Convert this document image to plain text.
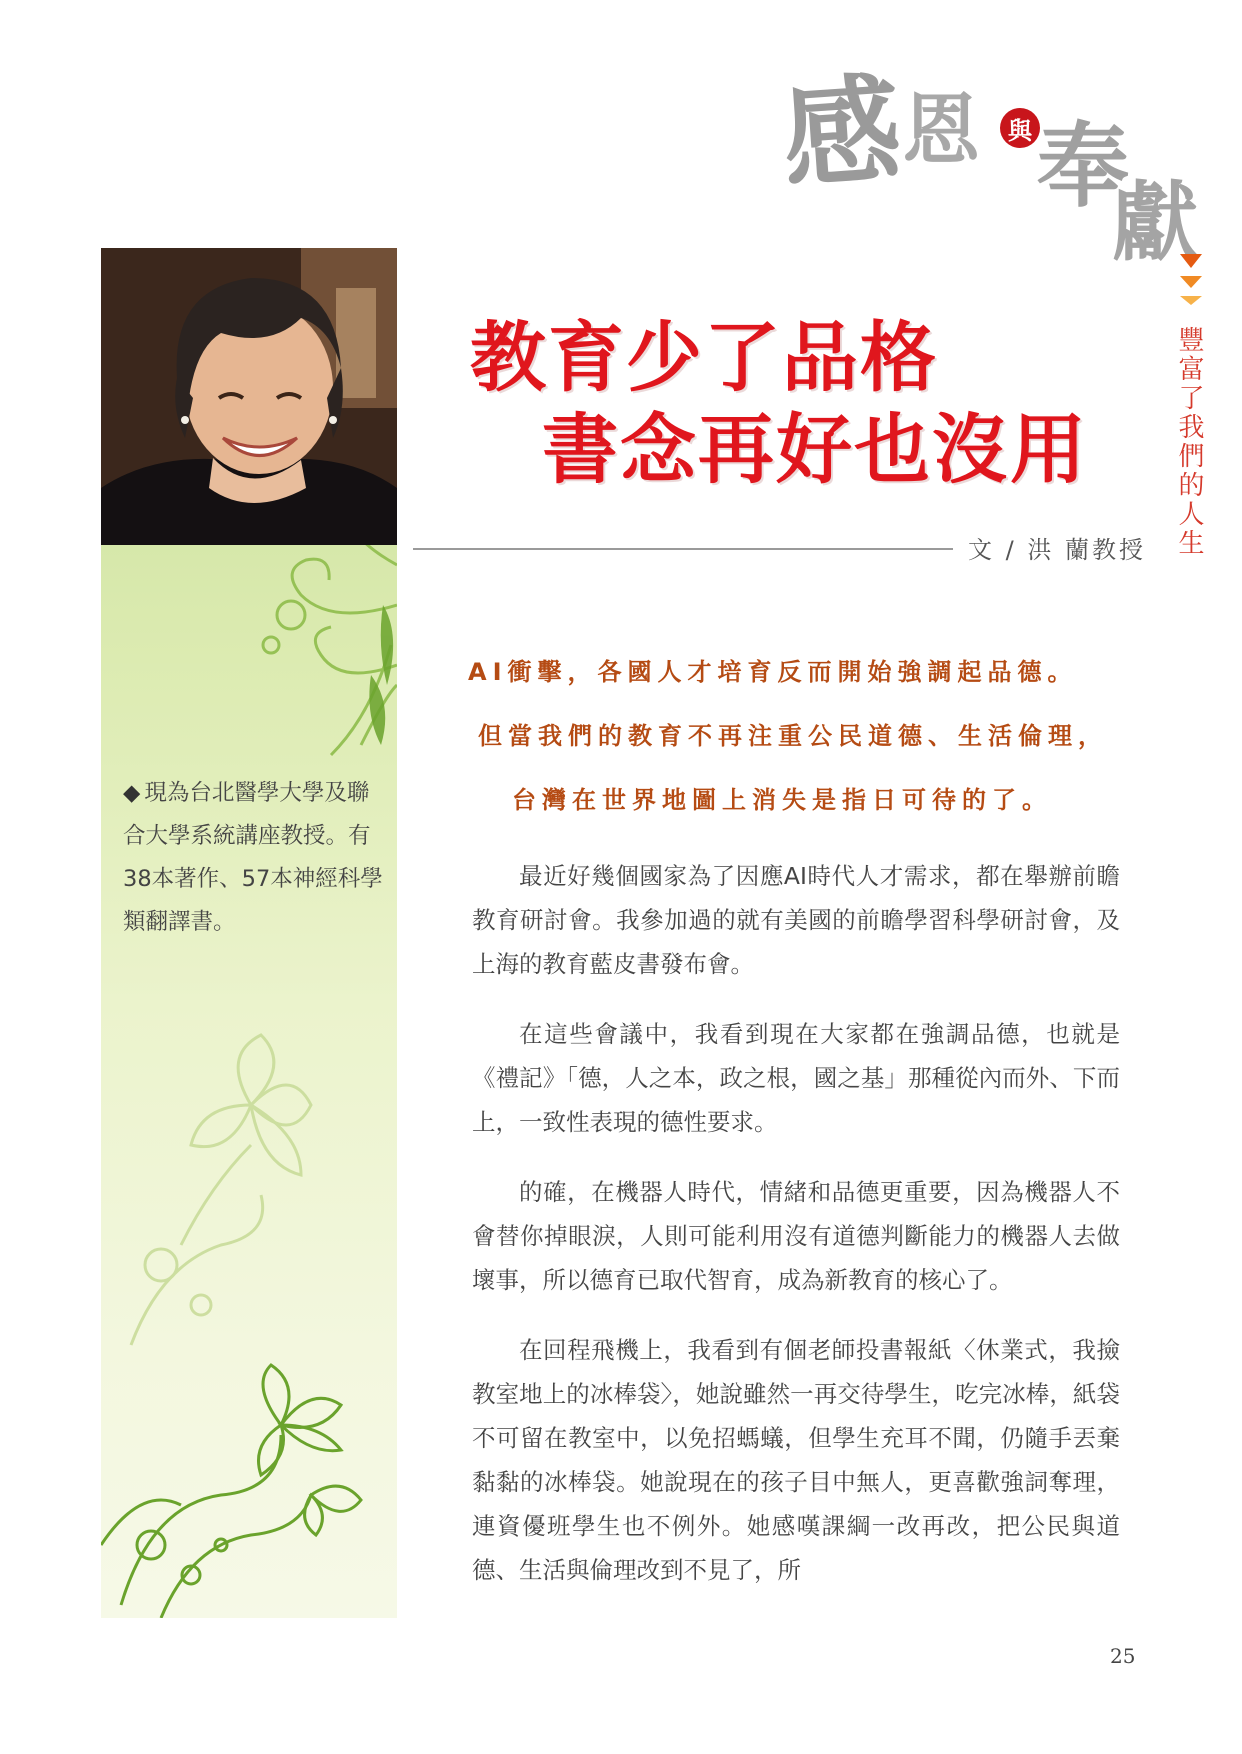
感
恩	與 奉
獻
豐富了我們的人生
◆ 現為台北醫學大學及聯合大學系統講座教授。有38本著作、57本神經科學類翻譯書。
教育少了品格
書念再好也沒用
文 / 洪 蘭教授
AI衝擊，各國人才培育反而開始強調起品德。
但當我們的教育不再注重公民道德、生活倫理，
台灣在世界地圖上消失是指日可待的了。

最近好幾個國家為了因應AI時代人才需求，都在舉辦前瞻教育研討會。我參加過的就有美國的前瞻學習科學研討會，及上海的教育藍皮書發布會。

在這些會議中，我看到現在大家都在強調品德，也就是《禮記》「德，人之本，政之根，國之基」那種從內而外、下而上，一致性表現的德性要求。

的確，在機器人時代，情緒和品德更重要，因為機器人不會替你掉眼淚，人則可能利用沒有道德判斷能力的機器人去做壞事，所以德育已取代智育，成為新教育的核心了。

在回程飛機上，我看到有個老師投書報紙〈休業式，我撿教室地上的冰棒袋〉，她說雖然一再交待學生，吃完冰棒，紙袋不可留在教室中，以免招螞蟻，但學生充耳不聞，仍隨手丟棄黏黏的冰棒袋。她說現在的孩子目中無人，更喜歡強詞奪理，連資優班學生也不例外。她感嘆課綱一改再改，把公民與道德、生活與倫理改到不見了，所

25
